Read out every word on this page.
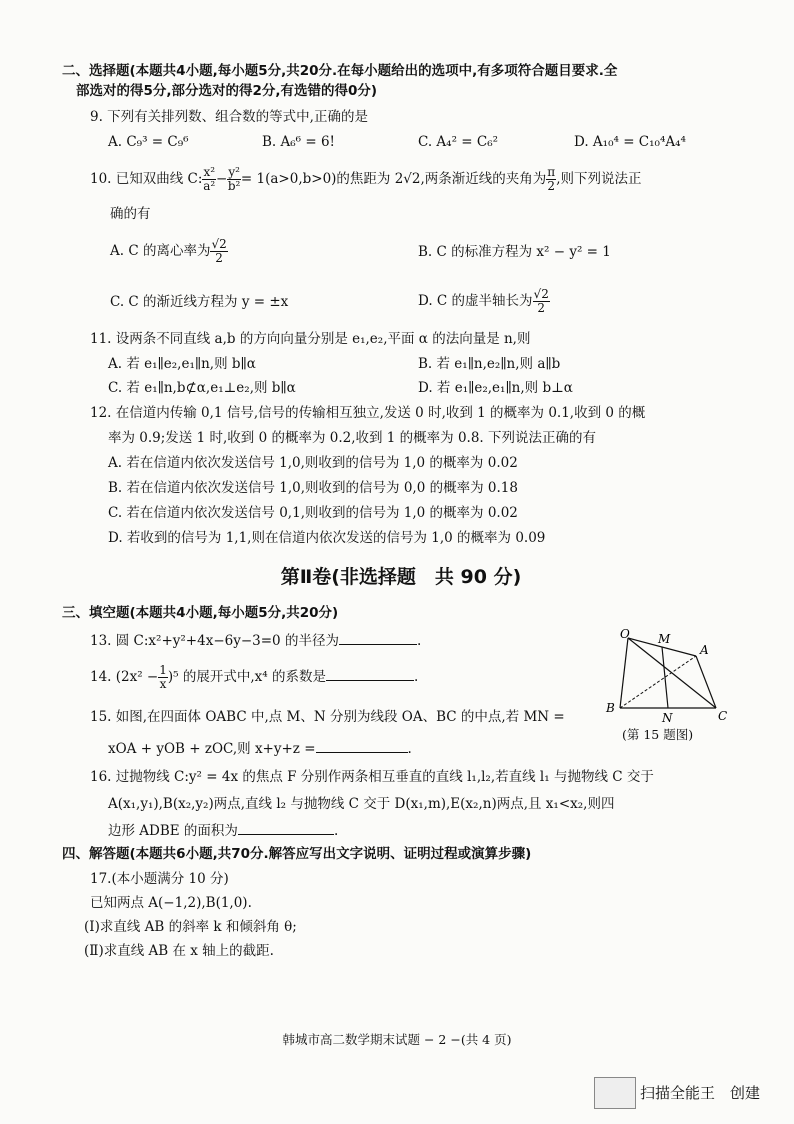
二、选择题(本题共4小题,每小题5分,共20分.在每小题给出的选项中,有多项符合题目要求.全
部选对的得5分,部分选对的得2分,有选错的得0分)
9. 下列有关排列数、组合数的等式中,正确的是
A. C₉³ = C₉⁶	B. A₆⁶ = 6!	C. A₄² = C₆²	D. A₁₀⁴ = C₁₀⁴A₄⁴
10. 已知双曲线 C: $\frac{\text{x²}}{\text{a²}} - \frac{\text{y²}}{\text{b²}} = 1(a>0,b>0)$的焦距为 2√2,两条渐近线的夹角为 $\frac{\pi}{2}$ ,则下列说法正
确的有
A. C 的离心率为 $\frac{√2}{2}$	B. C 的标准方程为 x² − y² = 1
C. C 的渐近线方程为 y = ±x	D. C 的虚半轴长为 $\frac{√2}{2}$
11. 设两条不同直线 a,b 的方向向量分别是 e₁,e₂,平面 α 的法向量是 n,则
A. 若 e₁∥e₂,e₁∥n,则 b∥α	B. 若 e₁∥n,e₂∥n,则 a∥b
C. 若 e₁∥n,b⊄α,e₁⊥e₂,则 b∥α	D. 若 e₁∥e₂,e₁∥n,则 b⊥α
12. 在信道内传输 0,1 信号,信号的传输相互独立,发送 0 时,收到 1 的概率为 0.1,收到 0 的概
率为 0.9;发送 1 时,收到 0 的概率为 0.2,收到 1 的概率为 0.8. 下列说法正确的有
A. 若在信道内依次发送信号 1,0,则收到的信号为 1,0 的概率为 0.02
B. 若在信道内依次发送信号 1,0,则收到的信号为 0,0 的概率为 0.18
C. 若在信道内依次发送信号 0,1,则收到的信号为 1,0 的概率为 0.02
D. 若收到的信号为 1,1,则在信道内依次发送的信号为 1,0 的概率为 0.09
第Ⅱ卷(非选择题　共 90 分)
三、填空题(本题共4小题,每小题5分,共20分)
13. 圆 C:x²+y²+4x−6y−3=0 的半径为	.
14. $(2x^2 - \frac{1}{x} )^5$ 的展开式中,x⁴ 的系数是	.
15. 如图,在四面体 OABC 中,点 M、N 分别为线段 OA、BC 的中点,若 MN =
xOA + yOB + zOC,则 x+y+z =	.
O M
A
B
N	C
(第 15 题图)
16. 过抛物线 C:y² = 4x 的焦点 F 分别作两条相互垂直的直线 l₁,l₂,若直线 l₁ 与抛物线 C 交于
A(x₁,y₁),B(x₂,y₂)两点,直线 l₂ 与抛物线 C 交于 D(x₁,m),E(x₂,n)两点,且 x₁<x₂,则四
边形 ADBE 的面积为	.
四、解答题(本题共6小题,共70分.解答应写出文字说明、证明过程或演算步骤)
17.(本小题满分 10 分)
已知两点 A(−1,2),B(1,0).
(Ⅰ)求直线 AB 的斜率 k 和倾斜角 θ;
(Ⅱ)求直线 AB 在 x 轴上的截距.
韩城市高二数学期末试题 − 2 −(共 4 页)
扫描全能王　创建
